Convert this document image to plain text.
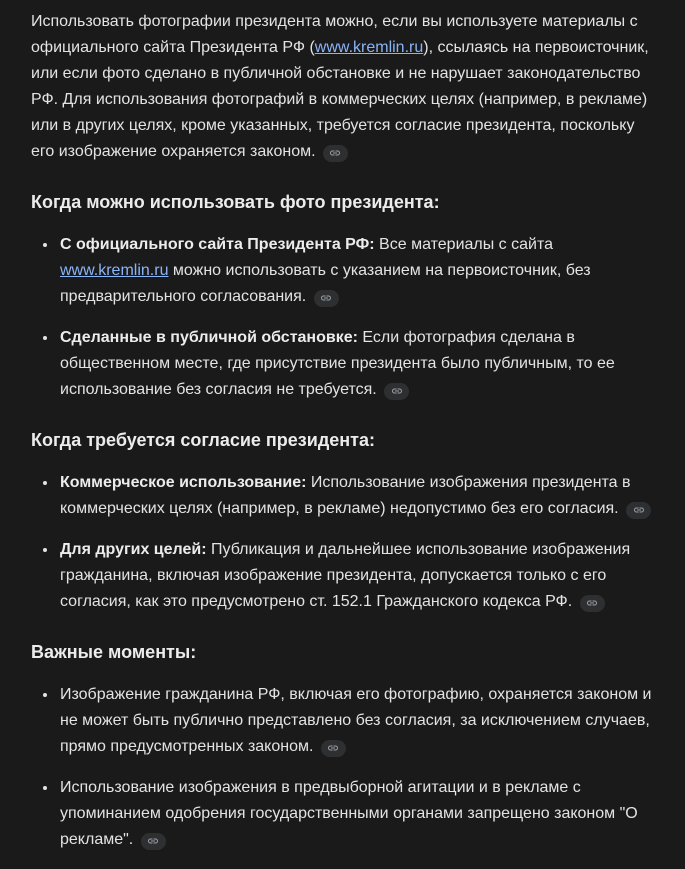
Использовать фотографии президента можно, если вы используете материалы с официального сайта Президента РФ (www.kremlin.ru), ссылаясь на первоисточник, или если фото сделано в публичной обстановке и не нарушает законодательство РФ. Для использования фотографий в коммерческих целях (например, в рекламе) или в других целях, кроме указанных, требуется согласие президента, поскольку его изображение охраняется законом.

Когда можно использовать фото президента:
• С официального сайта Президента РФ: Все материалы с сайта www.kremlin.ru можно использовать с указанием на первоисточник, без предварительного согласования.
• Сделанные в публичной обстановке: Если фотография сделана в общественном месте, где присутствие президента было публичным, то ее использование без согласия не требуется.
Когда требуется согласие президента:
• Коммерческое использование: Использование изображения президента в коммерческих целях (например, в рекламе) недопустимо без его согласия.
• Для других целей: Публикация и дальнейшее использование изображения гражданина, включая изображение президента, допускается только с его согласия, как это предусмотрено ст. 152.1 Гражданского кодекса РФ.
Важные моменты:
• Изображение гражданина РФ, включая его фотографию, охраняется законом и не может быть публично представлено без согласия, за исключением случаев, прямо предусмотренных законом.
• Использование изображения в предвыборной агитации и в рекламе с упоминанием одобрения государственными органами запрещено законом "О рекламе".
